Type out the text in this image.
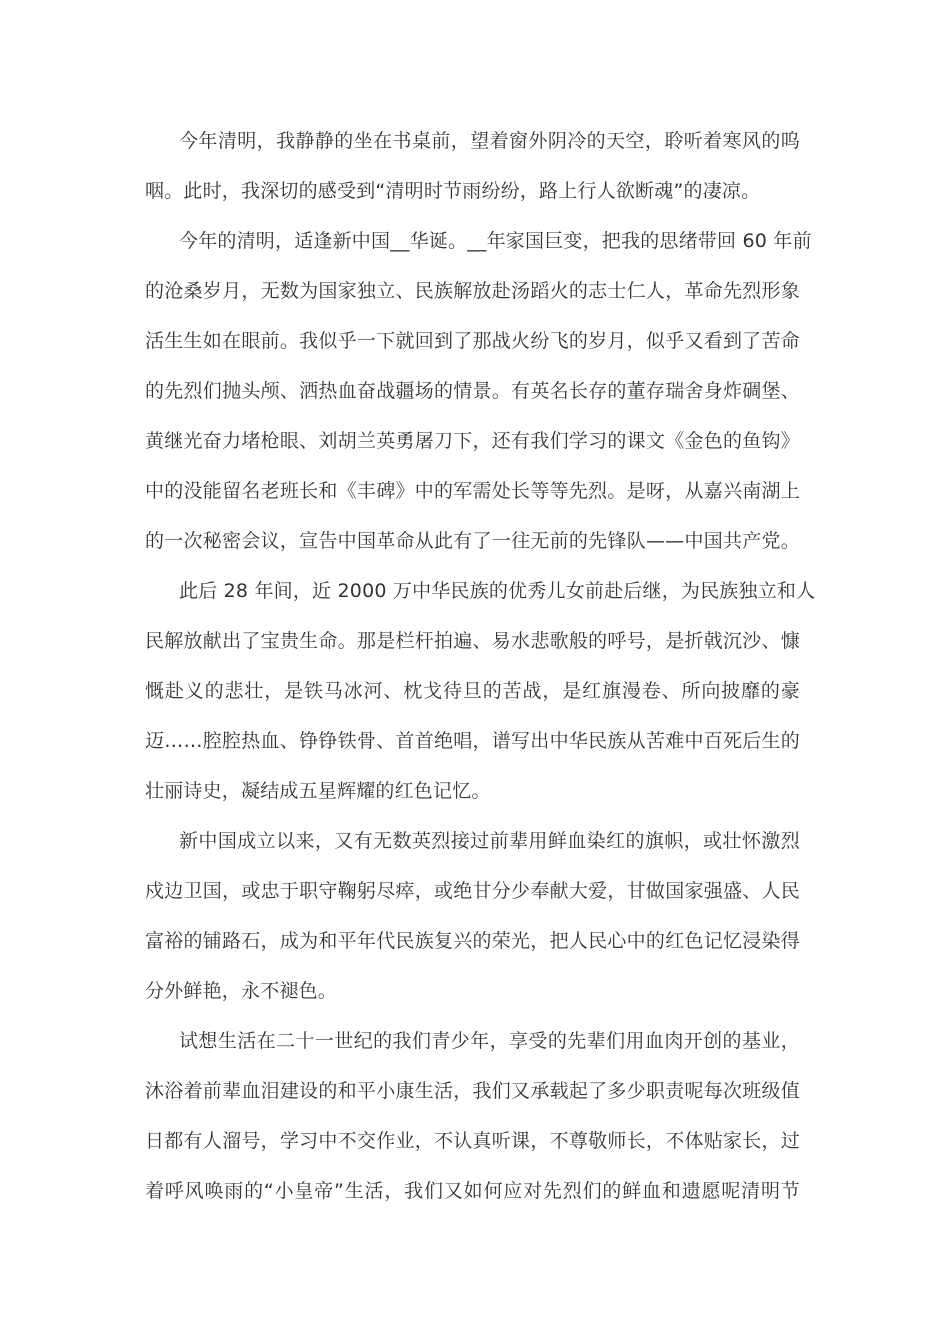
今年清明，我静静的坐在书桌前，望着窗外阴冷的天空，聆听着寒风的呜

咽。此时，我深切的感受到“清明时节雨纷纷，路上行人欲断魂”的凄凉。

今年的清明，适逢新中国__华诞。__年家国巨变，把我的思绪带回 60 年前

的沧桑岁月，无数为国家独立、民族解放赴汤蹈火的志士仁人，革命先烈形象

活生生如在眼前。我似乎一下就回到了那战火纷飞的岁月，似乎又看到了苦命

的先烈们抛头颅、洒热血奋战疆场的情景。有英名长存的董存瑞舍身炸碉堡、

黄继光奋力堵枪眼、刘胡兰英勇屠刀下，还有我们学习的课文《金色的鱼钩》

中的没能留名老班长和《丰碑》中的军需处长等等先烈。是呀，从嘉兴南湖上

的一次秘密会议，宣告中国革命从此有了一往无前的先锋队——中国共产党。

此后 28 年间，近 2000 万中华民族的优秀儿女前赴后继，为民族独立和人

民解放献出了宝贵生命。那是栏杆拍遍、易水悲歌般的呼号，是折戟沉沙、慷

慨赴义的悲壮，是铁马冰河、枕戈待旦的苦战，是红旗漫卷、所向披靡的豪

迈……腔腔热血、铮铮铁骨、首首绝唱，谱写出中华民族从苦难中百死后生的

壮丽诗史，凝结成五星辉耀的红色记忆。

新中国成立以来，又有无数英烈接过前辈用鲜血染红的旗帜，或壮怀激烈

戍边卫国，或忠于职守鞠躬尽瘁，或绝甘分少奉献大爱，甘做国家强盛、人民

富裕的铺路石，成为和平年代民族复兴的荣光，把人民心中的红色记忆浸染得

分外鲜艳，永不褪色。

试想生活在二十一世纪的我们青少年，享受的先辈们用血肉开创的基业，

沐浴着前辈血泪建设的和平小康生活，我们又承载起了多少职责呢每次班级值

日都有人溜号，学习中不交作业，不认真听课，不尊敬师长，不体贴家长，过

着呼风唤雨的“小皇帝”生活，我们又如何应对先烈们的鲜血和遗愿呢清明节
